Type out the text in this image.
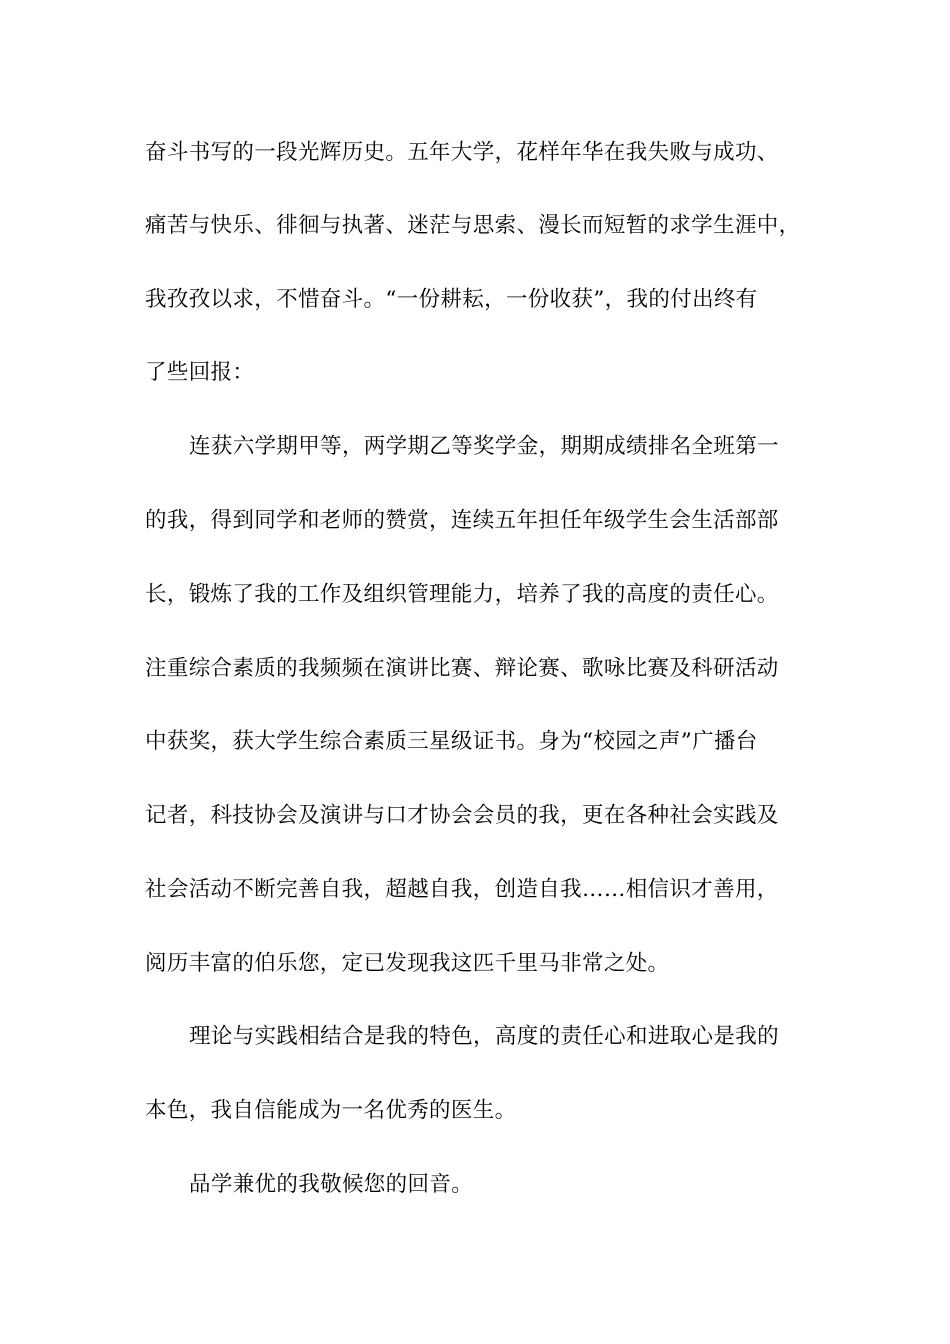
奋斗书写的一段光辉历史。五年大学，花样年华在我失败与成功、
痛苦与快乐、徘徊与执著、迷茫与思索、漫长而短暂的求学生涯中，
我孜孜以求，不惜奋斗。“一份耕耘，一份收获”，我的付出终有
了些回报：
连获六学期甲等，两学期乙等奖学金，期期成绩排名全班第一
的我，得到同学和老师的赞赏，连续五年担任年级学生会生活部部
长，锻炼了我的工作及组织管理能力，培养了我的高度的责任心。
注重综合素质的我频频在演讲比赛、辩论赛、歌咏比赛及科研活动
中获奖，获大学生综合素质三星级证书。身为“校园之声”广播台
记者，科技协会及演讲与口才协会会员的我，更在各种社会实践及
社会活动不断完善自我，超越自我，创造自我……相信识才善用，
阅历丰富的伯乐您，定已发现我这匹千里马非常之处。
理论与实践相结合是我的特色，高度的责任心和进取心是我的
本色，我自信能成为一名优秀的医生。
品学兼优的我敬候您的回音。
